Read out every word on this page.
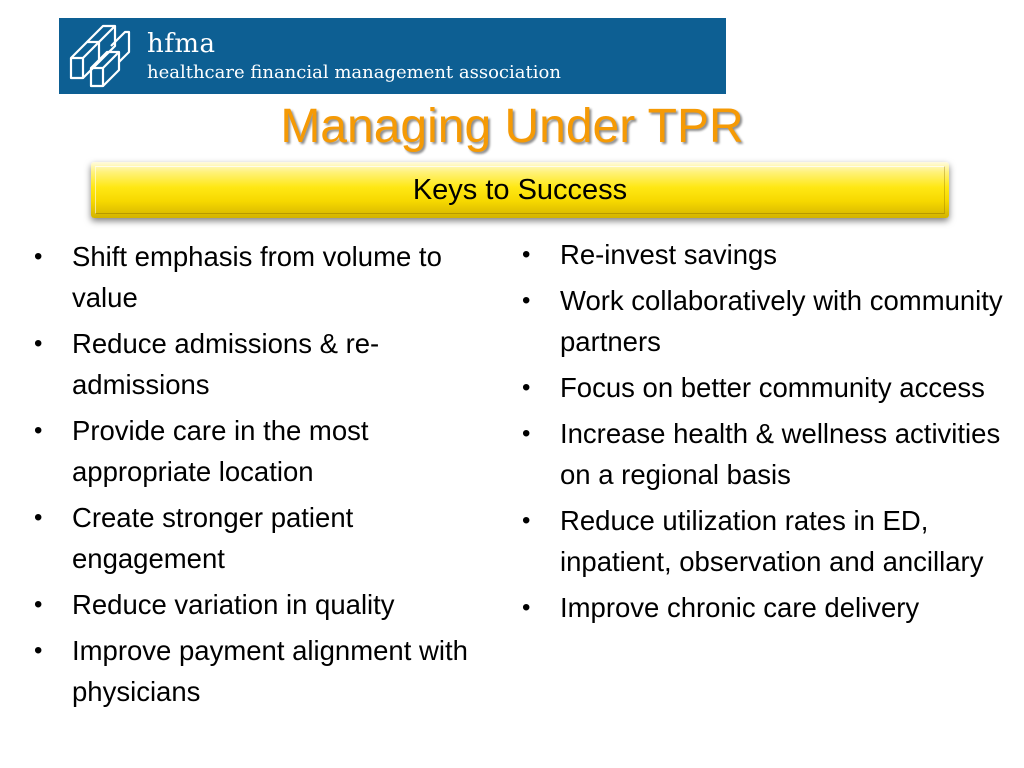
hfma
healthcare financial management association
Managing Under TPR
Keys to Success
• Shift emphasis from volume to value
• Reduce admissions & re-admissions
• Provide care in the most appropriate location
• Create stronger patient engagement
• Reduce variation in quality
• Improve payment alignment with physicians
• Re-invest savings
• Work collaboratively with community partners
• Focus on better community access
• Increase health & wellness activities on a regional basis
• Reduce utilization rates in ED, inpatient, observation and ancillary
• Improve chronic care delivery
